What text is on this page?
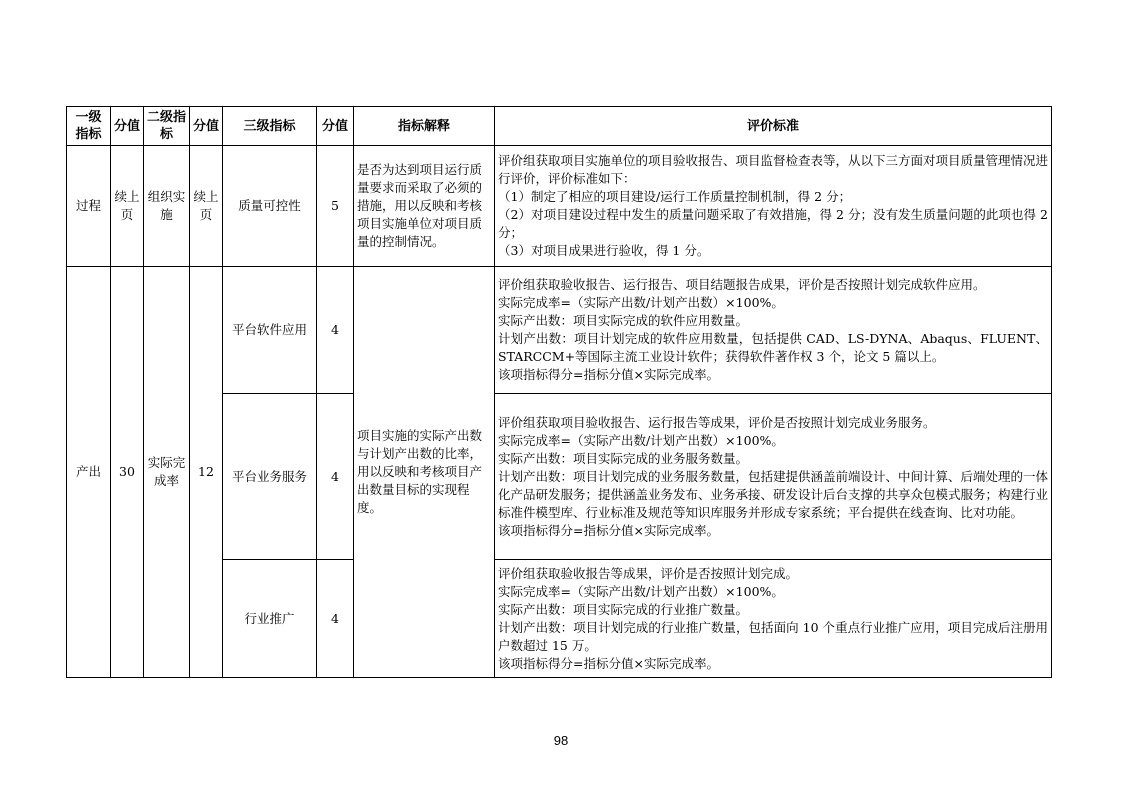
一级指标	分值	二级指标	分值	三级指标	分值	指标解释	评价标准
过程	续上页	组织实施	续上页	质量可控性	5	是否为达到项目运行质量要求而采取了必须的措施，用以反映和考核项目实施单位对项目质量的控制情况。	评价组获取项目实施单位的项目验收报告、项目监督检查表等，从以下三方面对项目质量管理情况进行评价，评价标准如下：
（1）制定了相应的项目建设/运行工作质量控制机制，得 2 分；
（2）对项目建设过程中发生的质量问题采取了有效措施，得 2 分；没有发生质量问题的此项也得 2 分；
（3）对项目成果进行验收，得 1 分。

产出	30	实际完成率	12	平台软件应用	4	项目实施的实际产出数与计划产出数的比率，用以反映和考核项目产出数量目标的实现程度。	评价组获取验收报告、运行报告、项目结题报告成果，评价是否按照计划完成软件应用。
实际完成率=（实际产出数/计划产出数）×100%。
实际产出数：项目实际完成的软件应用数量。
计划产出数：项目计划完成的软件应用数量，包括提供 CAD、LS-DYNA、Abaqus、FLUENT、STARCCM+等国际主流工业设计软件；获得软件著作权 3 个，论文 5 篇以上。
该项指标得分=指标分值×实际完成率。

				平台业务服务	4		评价组获取项目验收报告、运行报告等成果，评价是否按照计划完成业务服务。
实际完成率=（实际产出数/计划产出数）×100%。
实际产出数：项目实际完成的业务服务数量。
计划产出数：项目计划完成的业务服务数量，包括建提供涵盖前端设计、中间计算、后端处理的一体化产品研发服务；提供涵盖业务发布、业务承接、研发设计后台支撑的共享众包模式服务；构建行业标准件模型库、行业标准及规范等知识库服务并形成专家系统；平台提供在线查询、比对功能。
该项指标得分=指标分值×实际完成率。

				行业推广	4		评价组获取验收报告等成果，评价是否按照计划完成。
实际完成率=（实际产出数/计划产出数）×100%。
实际产出数：项目实际完成的行业推广数量。
计划产出数：项目计划完成的行业推广数量，包括面向 10 个重点行业推广应用，项目完成后注册用户数超过 15 万。
该项指标得分=指标分值×实际完成率。
98
